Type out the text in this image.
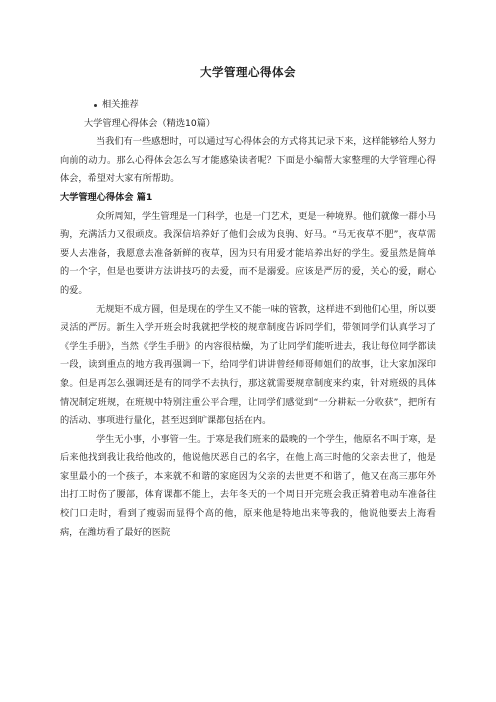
大学管理心得体会
相关推荐
大学管理心得体会（精选10篇）

当我们有一些感想时，可以通过写心得体会的方式将其记录下来，这样能够给人努力向前的动力。那么心得体会怎么写才能感染读者呢？下面是小编帮大家整理的大学管理心得体会，希望对大家有所帮助。

大学管理心得体会 篇1

众所周知，学生管理是一门科学，也是一门艺术，更是一种境界。他们就像一群小马驹，充满活力又很顽皮。我深信培养好了他们会成为良驹、好马。“马无夜草不肥”，夜草需要人去准备，我愿意去准备新鲜的夜草，因为只有用爱才能培养出好的学生。爱虽然是简单的一个字，但是也要讲方法讲技巧的去爱，而不是溺爱。应该是严厉的爱，关心的爱，耐心的爱。

无规矩不成方圆，但是现在的学生又不能一味的管教，这样进不到他们心里，所以要灵活的严厉。新生入学开班会时我就把学校的规章制度告诉同学们，带领同学们认真学习了《学生手册》，当然《学生手册》的内容很枯燥，为了让同学们能听进去，我让每位同学都读一段，读到重点的地方我再强调一下，给同学们讲讲曾经师哥师姐们的故事，让大家加深印象。但是再怎么强调还是有的同学不去执行，那这就需要规章制度来约束，针对班级的具体情况制定班规，在班规中特别注重公平合理，让同学们感觉到“一分耕耘一分收获”，把所有的活动、事项进行量化，甚至迟到旷课都包括在内。

学生无小事，小事管一生。于寒是我们班来的最晚的一个学生，他原名不叫于寒，是后来他找到我让我给他改的，他说他厌恶自己的名字，在他上高三时他的父亲去世了，他是家里最小的一个孩子，本来就不和谐的家庭因为父亲的去世更不和谐了，他又在高三那年外出打工时伤了腰部，体育课都不能上，去年冬天的一个周日开完班会我正骑着电动车准备往校门口走时，看到了瘦弱而显得个高的他，原来他是特地出来等我的，他说他要去上海看病，在潍坊看了最好的医院
